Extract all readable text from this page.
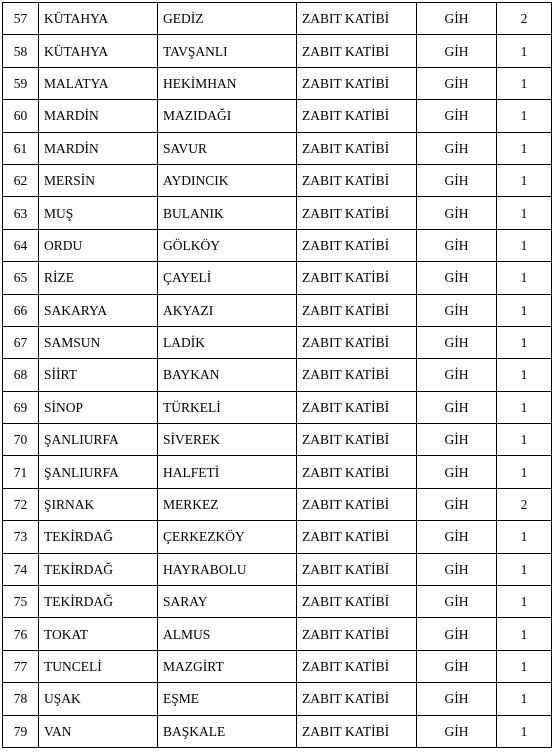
57	KÜTAHYA	GEDİZ	ZABIT KATİBİ	GİH	2
58	KÜTAHYA	TAVŞANLI	ZABIT KATİBİ	GİH	1
59	MALATYA	HEKİMHAN	ZABIT KATİBİ	GİH	1
60	MARDİN	MAZIDAĞI	ZABIT KATİBİ	GİH	1
61	MARDİN	SAVUR	ZABIT KATİBİ	GİH	1
62	MERSİN	AYDINCIK	ZABIT KATİBİ	GİH	1
63	MUŞ	BULANIK	ZABIT KATİBİ	GİH	1
64	ORDU	GÖLKÖY	ZABIT KATİBİ	GİH	1
65	RİZE	ÇAYELİ	ZABIT KATİBİ	GİH	1
66	SAKARYA	AKYAZI	ZABIT KATİBİ	GİH	1
67	SAMSUN	LADİK	ZABIT KATİBİ	GİH	1
68	SİİRT	BAYKAN	ZABIT KATİBİ	GİH	1
69	SİNOP	TÜRKELİ	ZABIT KATİBİ	GİH	1
70	ŞANLIURFA	SİVEREK	ZABIT KATİBİ	GİH	1
71	ŞANLIURFA	HALFETİ	ZABIT KATİBİ	GİH	1
72	ŞIRNAK	MERKEZ	ZABIT KATİBİ	GİH	2
73	TEKİRDAĞ	ÇERKEZKÖY	ZABIT KATİBİ	GİH	1
74	TEKİRDAĞ	HAYRABOLU	ZABIT KATİBİ	GİH	1
75	TEKİRDAĞ	SARAY	ZABIT KATİBİ	GİH	1
76	TOKAT	ALMUS	ZABIT KATİBİ	GİH	1
77	TUNCELİ	MAZGİRT	ZABIT KATİBİ	GİH	1
78	UŞAK	EŞME	ZABIT KATİBİ	GİH	1
79	VAN	BAŞKALE	ZABIT KATİBİ	GİH	1
